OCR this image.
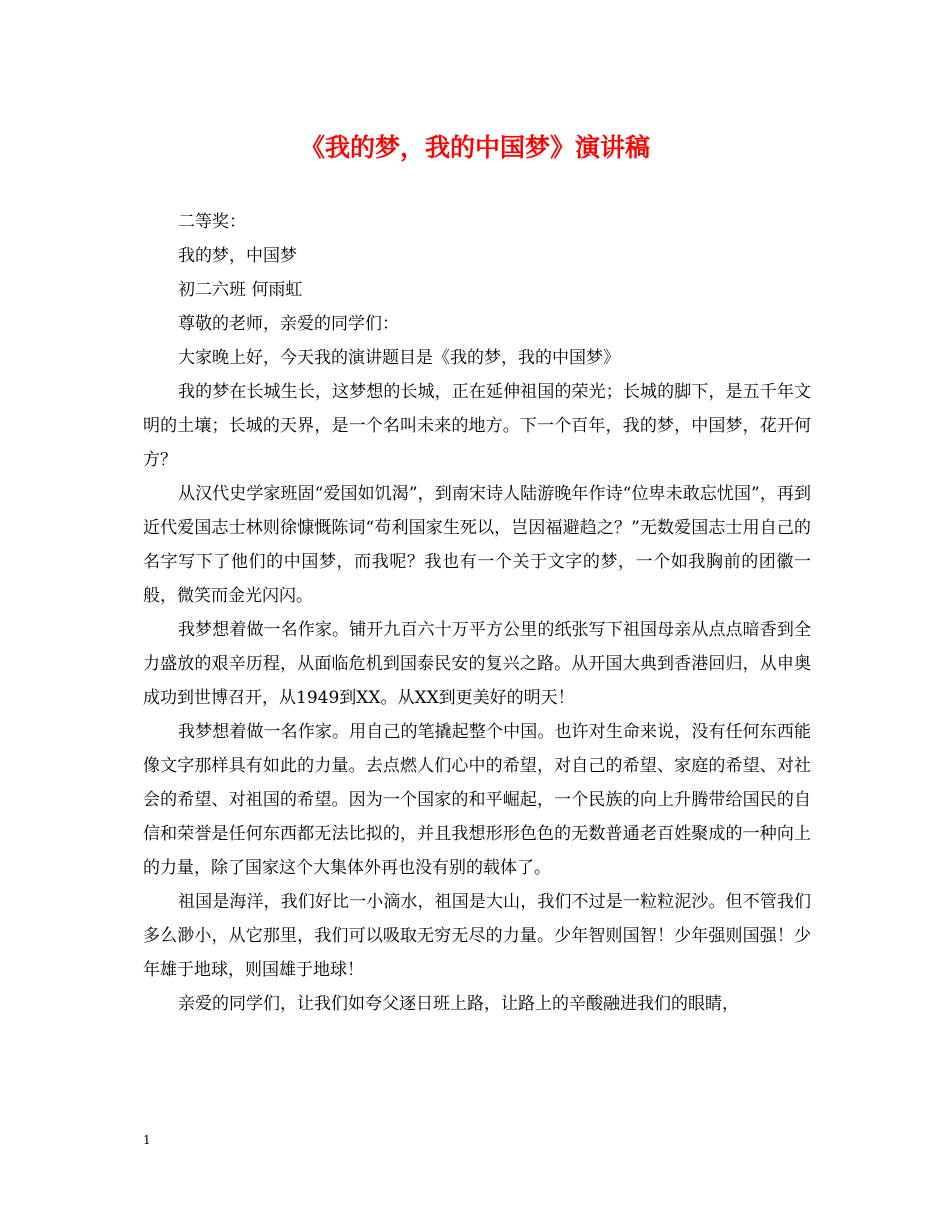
《我的梦，我的中国梦》演讲稿

二等奖：

我的梦，中国梦

初二六班 何雨虹

尊敬的老师，亲爱的同学们：

大家晚上好，今天我的演讲题目是《我的梦，我的中国梦》

我的梦在长城生长，这梦想的长城，正在延伸祖国的荣光；长城的脚下，是五千年文明的土壤；长城的天界，是一个名叫未来的地方。下一个百年，我的梦，中国梦，花开何方？

从汉代史学家班固“爱国如饥渴”，到南宋诗人陆游晚年作诗“位卑未敢忘忧国”，再到近代爱国志士林则徐慷慨陈词“苟利国家生死以，岂因福避趋之？”无数爱国志士用自己的名字写下了他们的中国梦，而我呢？我也有一个关于文字的梦，一个如我胸前的团徽一般，微笑而金光闪闪。

我梦想着做一名作家。铺开九百六十万平方公里的纸张写下祖国母亲从点点暗香到全力盛放的艰辛历程，从面临危机到国泰民安的复兴之路。从开国大典到香港回归，从申奥成功到世博召开，从1949到XX。从XX到更美好的明天！

我梦想着做一名作家。用自己的笔撬起整个中国。也许对生命来说，没有任何东西能像文字那样具有如此的力量。去点燃人们心中的希望，对自己的希望、家庭的希望、对社会的希望、对祖国的希望。因为一个国家的和平崛起，一个民族的向上升腾带给国民的自信和荣誉是任何东西都无法比拟的，并且我想形形色色的无数普通老百姓聚成的一种向上的力量，除了国家这个大集体外再也没有别的载体了。

祖国是海洋，我们好比一小滴水，祖国是大山，我们不过是一粒粒泥沙。但不管我们多么渺小，从它那里，我们可以吸取无穷无尽的力量。少年智则国智！少年强则国强！少年雄于地球，则国雄于地球！

亲爱的同学们，让我们如夸父逐日班上路，让路上的辛酸融进我们的眼睛，

1
